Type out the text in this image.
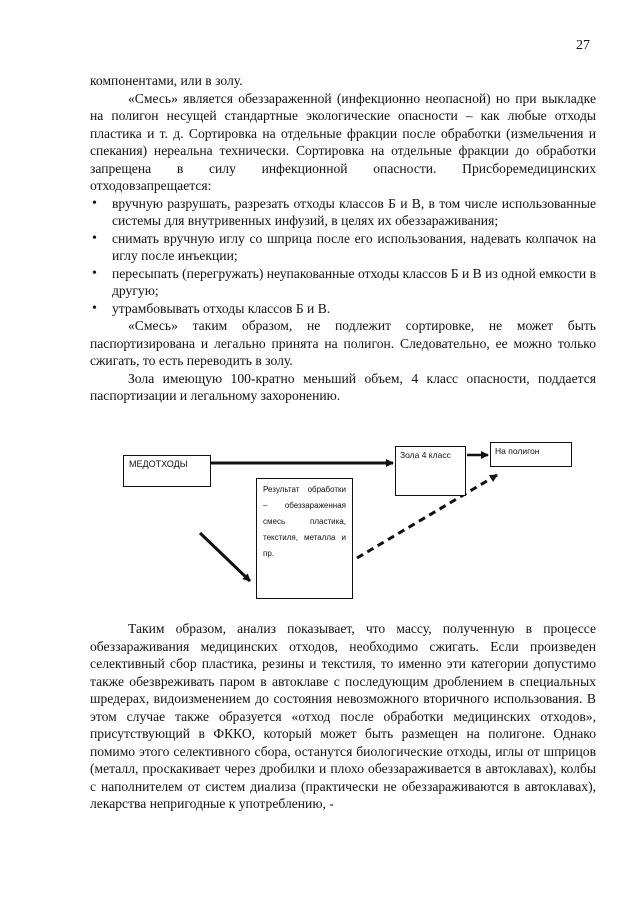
27

компонентами, или в золу.

«Смесь» является обеззараженной (инфекционно неопасной) но при выкладке на полигон несущей стандартные экологические опасности – как любые отходы пластика и т. д. Сортировка на отдельные фракции после обработки (измельчения и спекания) нереальна технически. Сортировка на отдельные фракции до обработки запрещена в силу инфекционной опасности. Присборемедицинских отходовзапрещается:

• вручную разрушать, разрезать отходы классов Б и В, в том числе использованные системы для внутривенных инфузий, в целях их обеззараживания;
• снимать вручную иглу со шприца после его использования, надевать колпачок на иглу после инъекции;
• пересыпать (перегружать) неупакованные отходы классов Б и В из одной емкости в другую;
• утрамбовывать отходы классов Б и В.

«Смесь» таким образом, не подлежит сортировке, не может быть паспортизирована и легально принята на полигон. Следовательно, ее можно только сжигать, то есть переводить в золу.

Зола имеющую 100-кратно меньший объем, 4 класс опасности, поддается паспортизации и легальному захоронению.

МЕДОТХОДЫ
Результат обработки – обеззараженная смесь пластика, текстиля, металла и пр.
Зола 4 класс	На полигон

Таким образом, анализ показывает, что массу, полученную в процессе обеззараживания медицинских отходов, необходимо сжигать. Если произведен селективный сбор пластика, резины и текстиля, то именно эти категории допустимо также обезвреживать паром в автоклаве с последующим дроблением в специальных шредерах, видоизменением до состояния невозможного вторичного использования. В этом случае также образуется «отход после обработки медицинских отходов», присутствующий в ФККО, который может быть размещен на полигоне. Однако помимо этого селективного сбора, останутся биологические отходы, иглы от шприцов (металл, проскакивает через дробилки и плохо обеззараживается в автоклавах), колбы с наполнителем от систем диализа (практически не обеззараживаются в автоклавах), лекарства непригодные к употреблению, -
